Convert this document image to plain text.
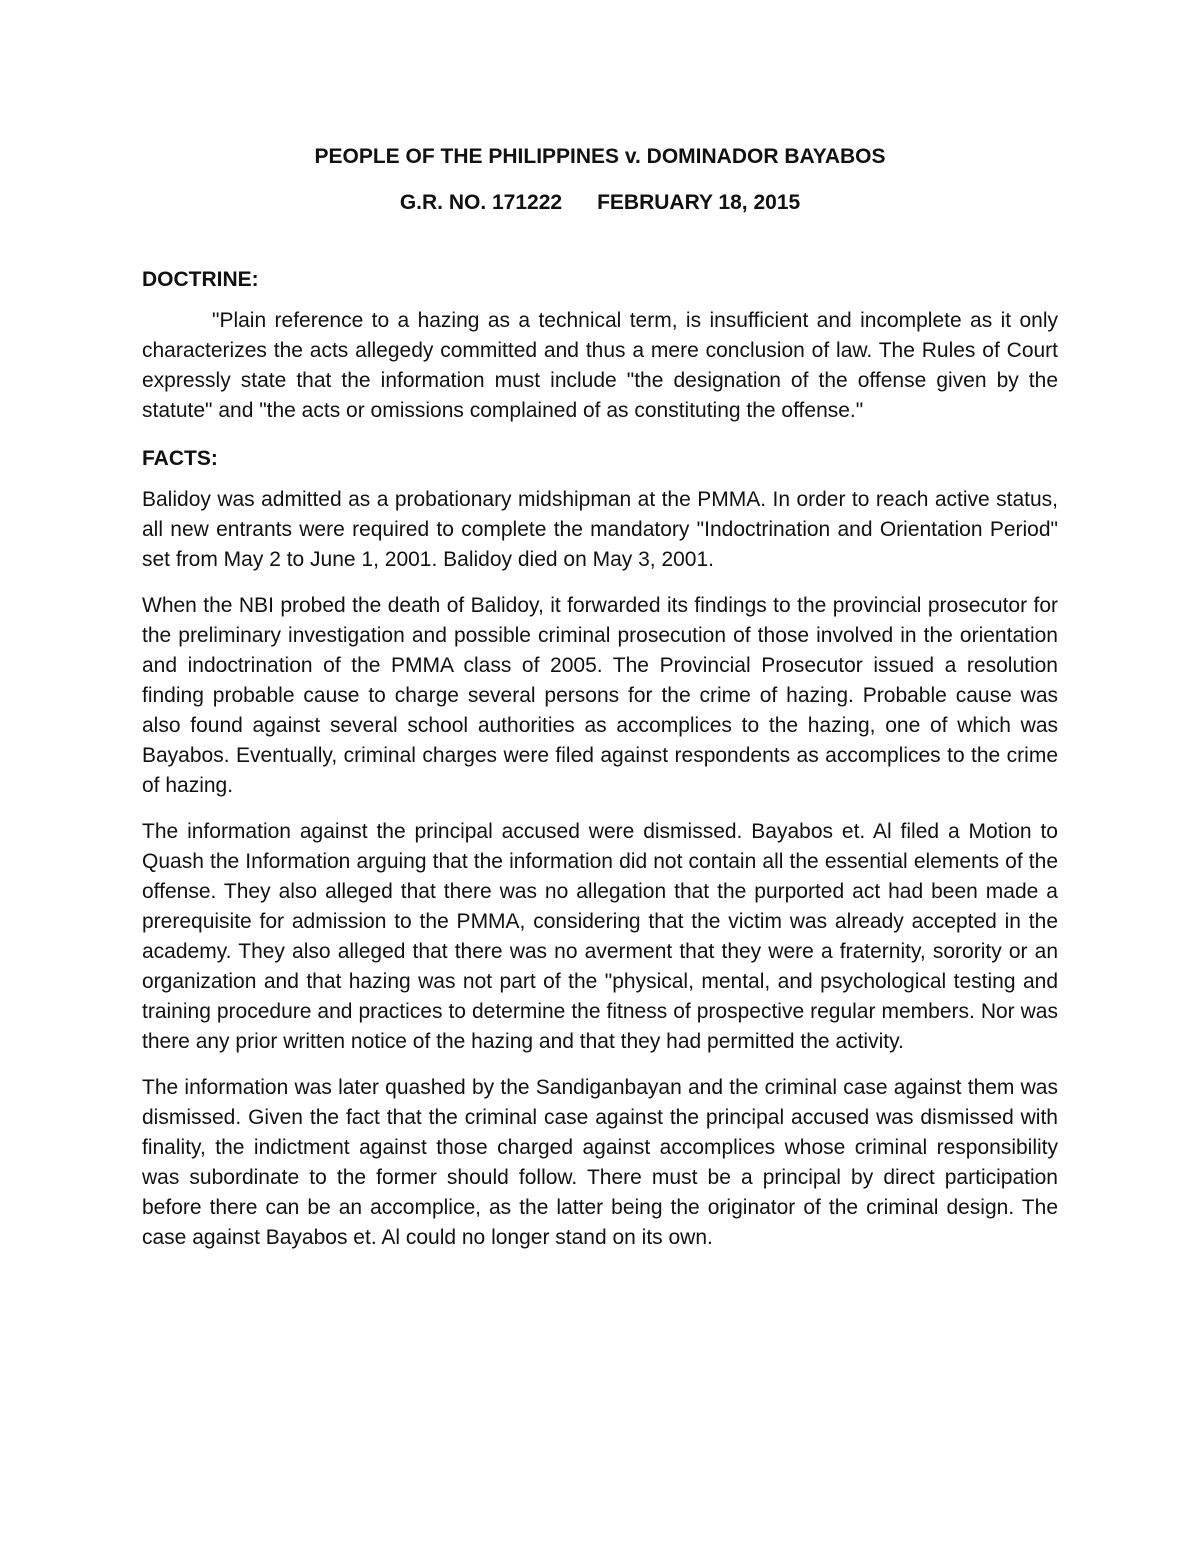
PEOPLE OF THE PHILIPPINES v. DOMINADOR BAYABOS
G.R. NO. 171222      FEBRUARY 18, 2015
DOCTRINE:

"Plain reference to a hazing as a technical term, is insufficient and incomplete as it only characterizes the acts allegedy committed and thus a mere conclusion of law. The Rules of Court expressly state that the information must include "the designation of the offense given by the statute" and "the acts or omissions complained of as constituting the offense."

FACTS:

Balidoy was admitted as a probationary midshipman at the PMMA. In order to reach active status, all new entrants were required to complete the mandatory "Indoctrination and Orientation Period" set from May 2 to June 1, 2001. Balidoy died on May 3, 2001.

When the NBI probed the death of Balidoy, it forwarded its findings to the provincial prosecutor for the preliminary investigation and possible criminal prosecution of those involved in the orientation and indoctrination of the PMMA class of 2005. The Provincial Prosecutor issued a resolution finding probable cause to charge several persons for the crime of hazing. Probable cause was also found against several school authorities as accomplices to the hazing, one of which was Bayabos. Eventually, criminal charges were filed against respondents as accomplices to the crime of hazing.

The information against the principal accused were dismissed. Bayabos et. Al filed a Motion to Quash the Information arguing that the information did not contain all the essential elements of the offense. They also alleged that there was no allegation that the purported act had been made a prerequisite for admission to the PMMA, considering that the victim was already accepted in the academy. They also alleged that there was no averment that they were a fraternity, sorority or an organization and that hazing was not part of the "physical, mental, and psychological testing and training procedure and practices to determine the fitness of prospective regular members. Nor was there any prior written notice of the hazing and that they had permitted the activity.

The information was later quashed by the Sandiganbayan and the criminal case against them was dismissed. Given the fact that the criminal case against the principal accused was dismissed with finality, the indictment against those charged against accomplices whose criminal responsibility was subordinate to the former should follow. There must be a principal by direct participation before there can be an accomplice, as the latter being the originator of the criminal design. The case against Bayabos et. Al could no longer stand on its own.
